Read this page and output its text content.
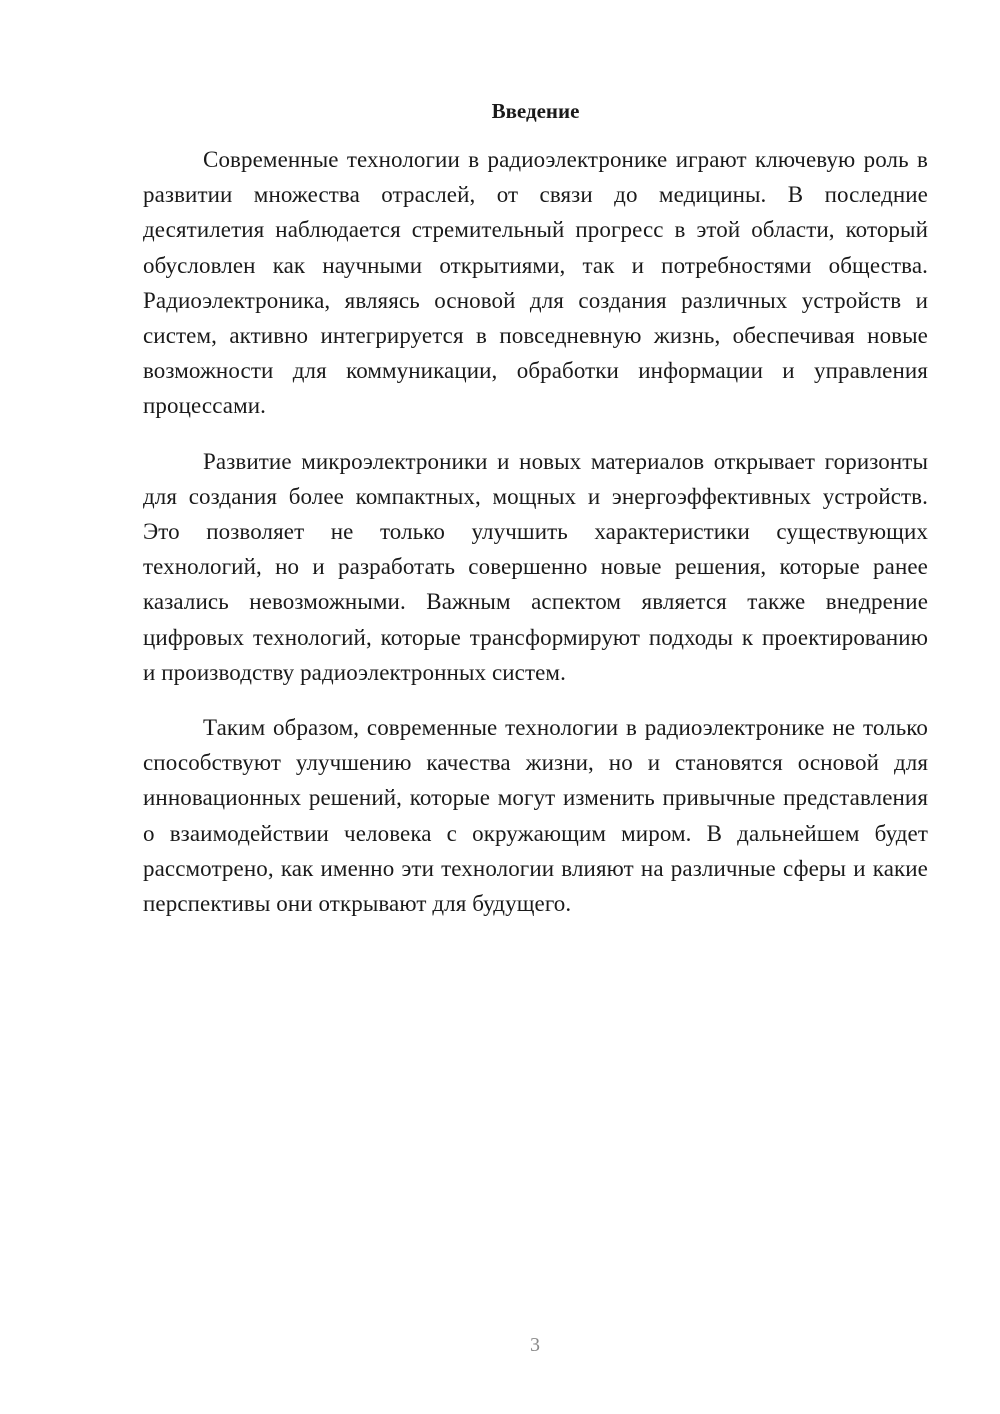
Введение

Современные технологии в радиоэлектронике играют ключевую роль в развитии множества отраслей, от связи до медицины. В последние десятилетия наблюдается стремительный прогресс в этой области, который обусловлен как научными открытиями, так и потребностями общества. Радиоэлектроника, являясь основой для создания различных устройств и систем, активно интегрируется в повседневную жизнь, обеспечивая новые возможности для коммуникации, обработки информации и управления процессами.

Развитие микроэлектроники и новых материалов открывает горизонты для создания более компактных, мощных и энергоэффективных устройств. Это позволяет не только улучшить характеристики существующих технологий, но и разработать совершенно новые решения, которые ранее казались невозможными. Важным аспектом является также внедрение цифровых технологий, которые трансформируют подходы к проектированию и производству радиоэлектронных систем.

Таким образом, современные технологии в радиоэлектронике не только способствуют улучшению качества жизни, но и становятся основой для инновационных решений, которые могут изменить привычные представления о взаимодействии человека с окружающим миром. В дальнейшем будет рассмотрено, как именно эти технологии влияют на различные сферы и какие перспективы они открывают для будущего.

3
